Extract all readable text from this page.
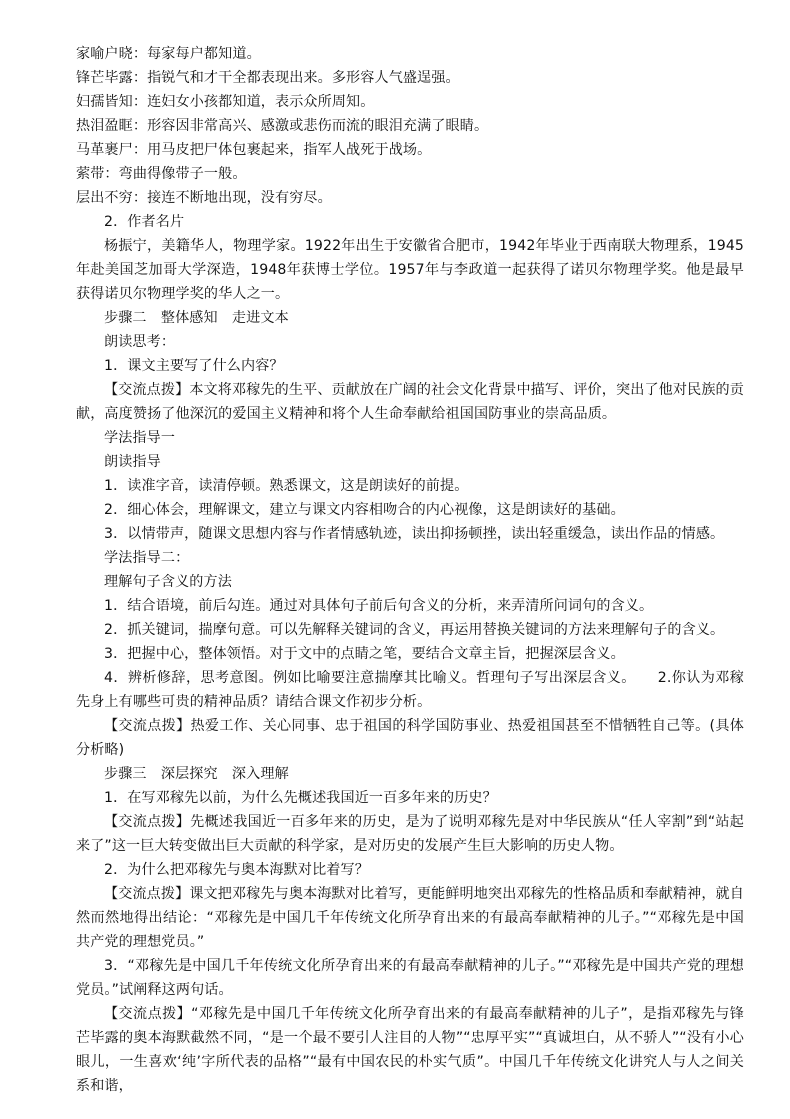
家喻户晓：每家每户都知道。
锋芒毕露：指锐气和才干全都表现出来。多形容人气盛逞强。
妇孺皆知：连妇女小孩都知道，表示众所周知。
热泪盈眶：形容因非常高兴、感激或悲伤而流的眼泪充满了眼睛。
马革裹尸：用马皮把尸体包裹起来，指军人战死于战场。
萦带：弯曲得像带子一般。
层出不穷：接连不断地出现，没有穷尽。
2．作者名片

杨振宁，美籍华人，物理学家。1922年出生于安徽省合肥市，1942年毕业于西南联大物理系，1945年赴美国芝加哥大学深造，1948年获博士学位。1957年与李政道一起获得了诺贝尔物理学奖。他是最早获得诺贝尔物理学奖的华人之一。

步骤二　整体感知　走进文本
朗读思考：
1．课文主要写了什么内容？

【交流点拨】本文将邓稼先的生平、贡献放在广阔的社会文化背景中描写、评价，突出了他对民族的贡献，高度赞扬了他深沉的爱国主义精神和将个人生命奉献给祖国国防事业的崇高品质。

学法指导一
朗读指导
1．读准字音，读清停顿。熟悉课文，这是朗读好的前提。
2．细心体会，理解课文，建立与课文内容相吻合的内心视像，这是朗读好的基础。
3．以情带声，随课文思想内容与作者情感轨迹，读出抑扬顿挫，读出轻重缓急，读出作品的情感。
学法指导二：
理解句子含义的方法
1．结合语境，前后勾连。通过对具体句子前后句含义的分析，来弄清所问词句的含义。
2．抓关键词，揣摩句意。可以先解释关键词的含义，再运用替换关键词的方法来理解句子的含义。
3．把握中心，整体领悟。对于文中的点睛之笔，要结合文章主旨，把握深层含义。

4．辨析修辞，思考意图。例如比喻要注意揣摩其比喻义。哲理句子写出深层含义。　　2.你认为邓稼先身上有哪些可贵的精神品质？请结合课文作初步分析。

【交流点拨】热爱工作、关心同事、忠于祖国的科学国防事业、热爱祖国甚至不惜牺牲自己等。(具体分析略)

步骤三　深层探究　深入理解
1．在写邓稼先以前，为什么先概述我国近一百多年来的历史？

【交流点拨】先概述我国近一百多年来的历史，是为了说明邓稼先是对中华民族从“任人宰割”到“站起来了”这一巨大转变做出巨大贡献的科学家，是对历史的发展产生巨大影响的历史人物。

2．为什么把邓稼先与奥本海默对比着写？

【交流点拨】课文把邓稼先与奥本海默对比着写，更能鲜明地突出邓稼先的性格品质和奉献精神，就自然而然地得出结论：“邓稼先是中国几千年传统文化所孕育出来的有最高奉献精神的儿子。”“邓稼先是中国共产党的理想党员。”

3．“邓稼先是中国几千年传统文化所孕育出来的有最高奉献精神的儿子。”“邓稼先是中国共产党的理想党员。”试阐释这两句话。

【交流点拨】“邓稼先是中国几千年传统文化所孕育出来的有最高奉献精神的儿子”，是指邓稼先与锋芒毕露的奥本海默截然不同，“是一个最不要引人注目的人物”“忠厚平实”“真诚坦白，从不骄人”“没有小心眼儿，一生喜欢‘纯’字所代表的品格”“最有中国农民的朴实气质”。中国几千年传统文化讲究人与人之间关系和谐，
